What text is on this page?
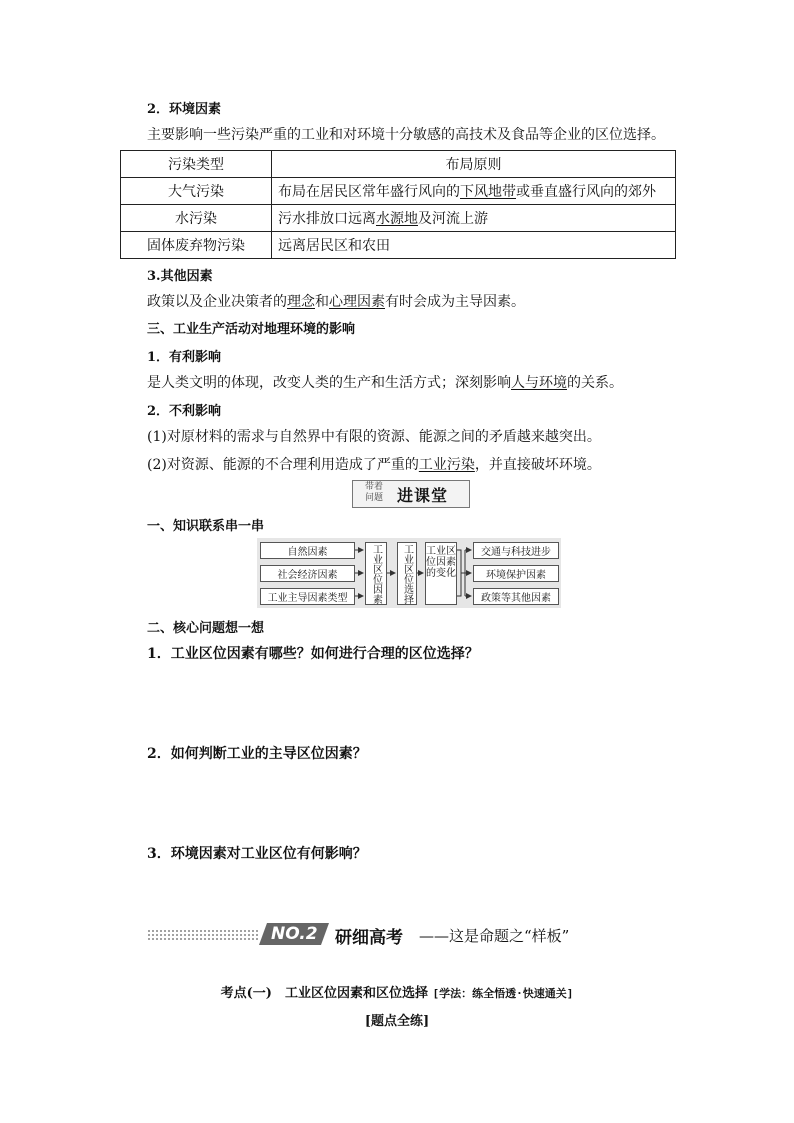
2．环境因素
主要影响一些污染严重的工业和对环境十分敏感的高技术及食品等企业的区位选择。
污染类型	布局原则
大气污染	布局在居民区常年盛行风向的下风地带或垂直盛行风向的郊外
水污染	污水排放口远离水源地及河流上游
固体废弃物污染	远离居民区和农田
3.其他因素
政策以及企业决策者的理念和心理因素有时会成为主导因素。
三、工业生产活动对地理环境的影响
1．有利影响
是人类文明的体现，改变人类的生产和生活方式；深刻影响人与环境的关系。
2．不利影响
(1)对原材料的需求与自然界中有限的资源、能源之间的矛盾越来越突出。
(2)对资源、能源的不合理利用造成了严重的工业污染，并直接破坏环境。
带着
问题 进课堂
一、知识联系串一串
自然因素
社会经济因素
工业主导因素类型	工业区位因素	工业区位选择	工业区位因素的变化
交通与科技进步
环境保护因素
政策等其他因素
二、核心问题想一想
1．工业区位因素有哪些？如何进行合理的区位选择？
2．如何判断工业的主导区位因素？
3．环境因素对工业区位有何影响？
NO.2 研细高考 ——这是命题之“样板”
考点(一)　工业区位因素和区位选择 [学法：练全悟透·快速通关]
[题点全练]
